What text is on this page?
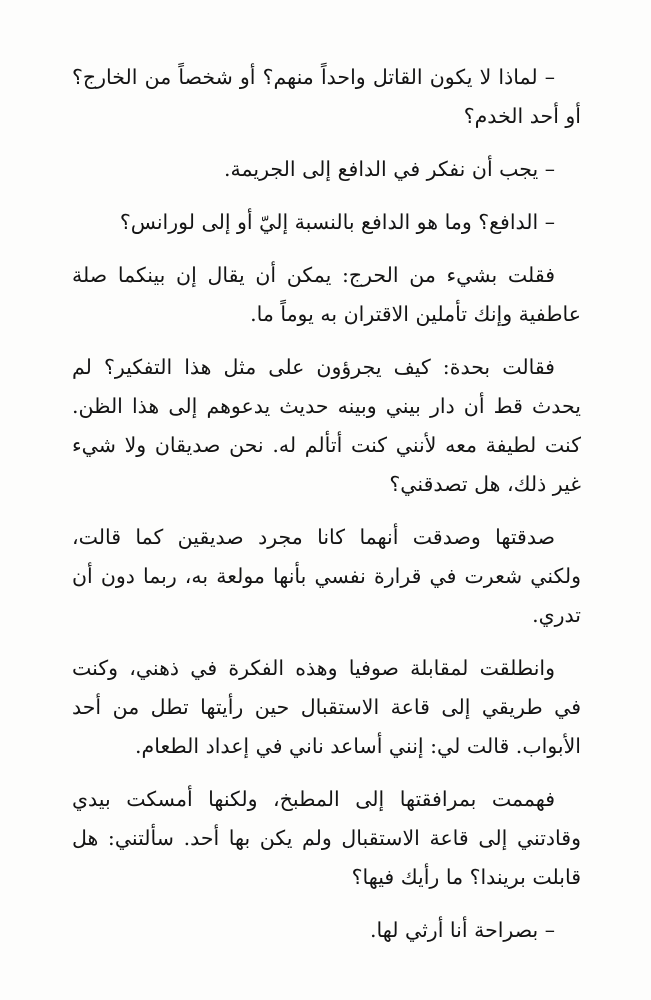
– لماذا لا يكون القاتل واحداً منهم؟ أو شخصاً من الخارج؟ أو أحد الخدم؟

– يجب أن نفكر في الدافع إلى الجريمة.

– الدافع؟ وما هو الدافع بالنسبة إليّ أو إلى لورانس؟

فقلت بشيء من الحرج: يمكن أن يقال إن بينكما صلة عاطفية وإنك تأملين الاقتران به يوماً ما.

فقالت بحدة: كيف يجرؤون على مثل هذا التفكير؟ لم يحدث قط أن دار بيني وبينه حديث يدعوهم إلى هذا الظن. كنت لطيفة معه لأنني كنت أتألم له. نحن صديقان ولا شيء غير ذلك، هل تصدقني؟

صدقتها وصدقت أنهما كانا مجرد صديقين كما قالت، ولكني شعرت في قرارة نفسي بأنها مولعة به، ربما دون أن تدري.

وانطلقت لمقابلة صوفيا وهذه الفكرة في ذهني، وكنت في طريقي إلى قاعة الاستقبال حين رأيتها تطل من أحد الأبواب. قالت لي: إنني أساعد ناني في إعداد الطعام.

فهممت بمرافقتها إلى المطبخ، ولكنها أمسكت بيدي وقادتني إلى قاعة الاستقبال ولم يكن بها أحد. سألتني: هل قابلت بريندا؟ ما رأيك فيها؟

– بصراحة أنا أرثي لها.
